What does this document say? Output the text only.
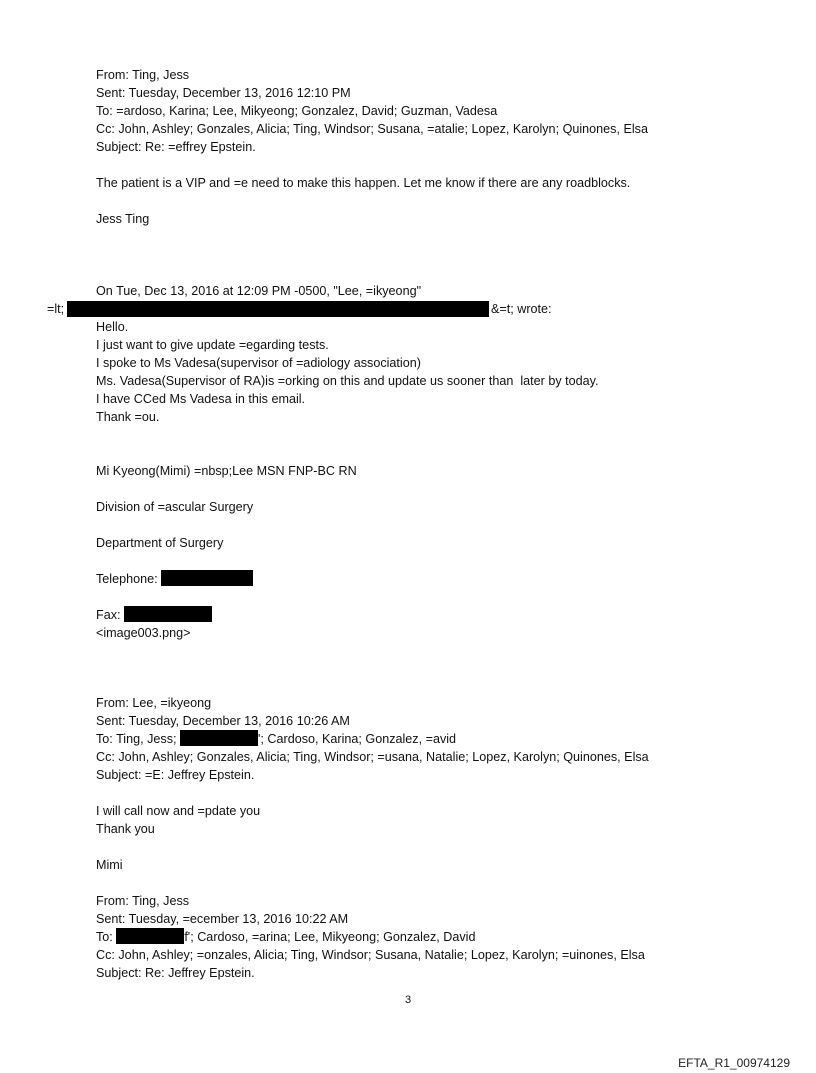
From: Ting, Jess
Sent: Tuesday, December 13, 2016 12:10 PM
To: =ardoso, Karina; Lee, Mikyeong; Gonzalez, David; Guzman, Vadesa
Cc: John, Ashley; Gonzales, Alicia; Ting, Windsor; Susana, =atalie; Lopez, Karolyn; Quinones, Elsa
Subject: Re: =effrey Epstein.
The patient is a VIP and =e need to make this happen. Let me know if there are any roadblocks.
Jess Ting
On Tue, Dec 13, 2016 at 12:09 PM -0500, "Lee, =ikyeong"
=lt;	&=t; wrote:
Hello.
I just want to give update =egarding tests.
I spoke to Ms Vadesa(supervisor of =adiology association)
Ms. Vadesa(Supervisor of RA)is =orking on this and update us sooner than  later by today.
I have CCed Ms Vadesa in this email.
Thank =ou.
Mi Kyeong(Mimi) =nbsp;Lee MSN FNP-BC RN
Division of =ascular Surgery
Department of Surgery
Telephone:
Fax:
<image003.png>
From: Lee, =ikyeong
Sent: Tuesday, December 13, 2016 10:26 AM
To: Ting, Jess;	'; Cardoso, Karina; Gonzalez, =avid
Cc: John, Ashley; Gonzales, Alicia; Ting, Windsor; =usana, Natalie; Lopez, Karolyn; Quinones, Elsa
Subject: =E: Jeffrey Epstein.
I will call now and =pdate you
Thank you
Mimi
From: Ting, Jess
Sent: Tuesday, =ecember 13, 2016 10:22 AM
To:	f'; Cardoso, =arina; Lee, Mikyeong; Gonzalez, David
Cc: John, Ashley; =onzales, Alicia; Ting, Windsor; Susana, Natalie; Lopez, Karolyn; =uinones, Elsa
Subject: Re: Jeffrey Epstein.
3
EFTA_R1_00974129
